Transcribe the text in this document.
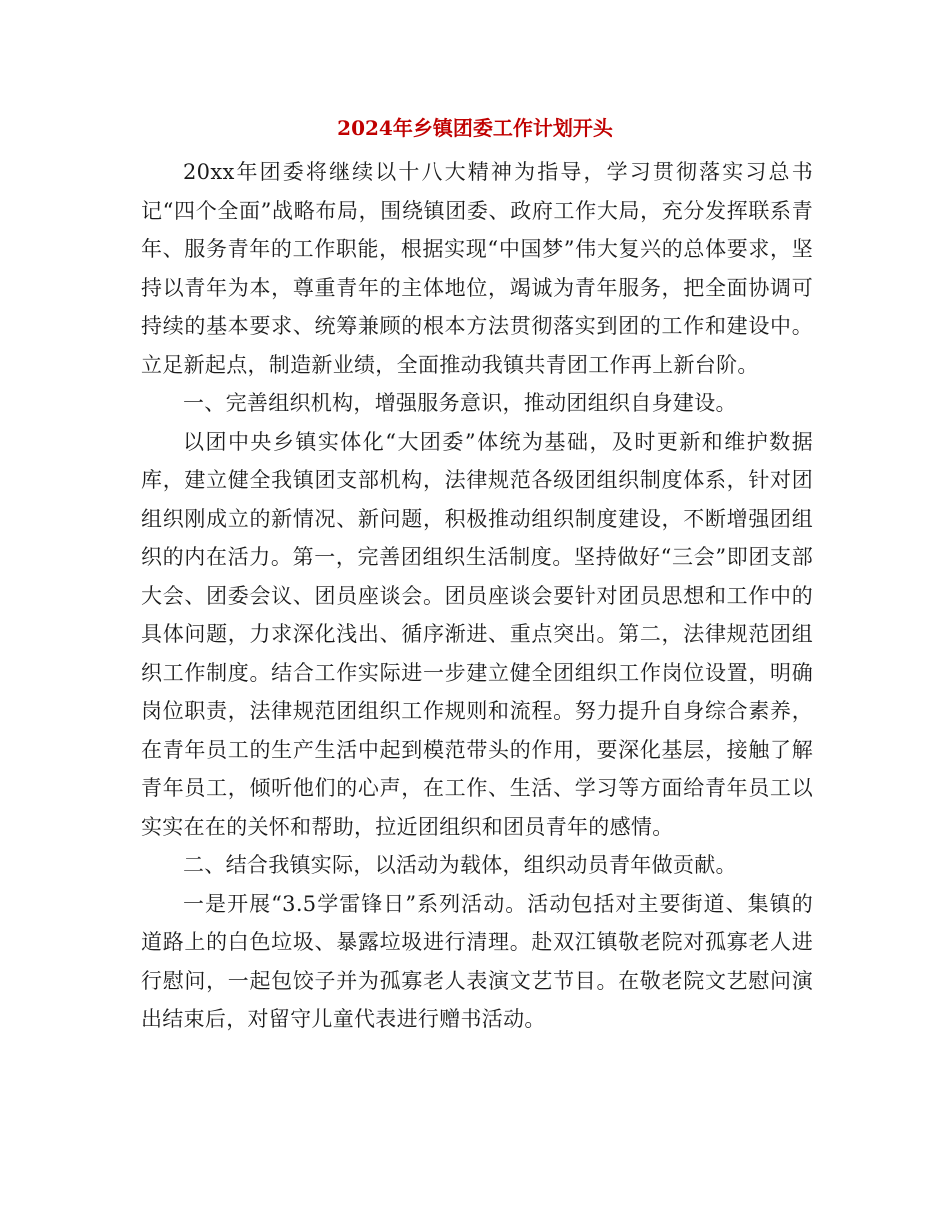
2024年乡镇团委工作计划开头

20xx年团委将继续以十八大精神为指导，学习贯彻落实习总书记“四个全面”战略布局，围绕镇团委、政府工作大局，充分发挥联系青年、服务青年的工作职能，根据实现“中国梦”伟大复兴的总体要求，坚持以青年为本，尊重青年的主体地位，竭诚为青年服务，把全面协调可持续的基本要求、统筹兼顾的根本方法贯彻落实到团的工作和建设中。立足新起点，制造新业绩，全面推动我镇共青团工作再上新台阶。

一、完善组织机构，增强服务意识，推动团组织自身建设。

以团中央乡镇实体化“大团委”体统为基础，及时更新和维护数据库，建立健全我镇团支部机构，法律规范各级团组织制度体系，针对团组织刚成立的新情况、新问题，积极推动组织制度建设，不断增强团组织的内在活力。第一，完善团组织生活制度。坚持做好“三会”即团支部大会、团委会议、团员座谈会。团员座谈会要针对团员思想和工作中的具体问题，力求深化浅出、循序渐进、重点突出。第二，法律规范团组织工作制度。结合工作实际进一步建立健全团组织工作岗位设置，明确岗位职责，法律规范团组织工作规则和流程。努力提升自身综合素养，在青年员工的生产生活中起到模范带头的作用，要深化基层，接触了解青年员工，倾听他们的心声，在工作、生活、学习等方面给青年员工以实实在在的关怀和帮助，拉近团组织和团员青年的感情。

二、结合我镇实际，以活动为载体，组织动员青年做贡献。

一是开展“3.5学雷锋日”系列活动。活动包括对主要街道、集镇的道路上的白色垃圾、暴露垃圾进行清理。赴双江镇敬老院对孤寡老人进行慰问，一起包饺子并为孤寡老人表演文艺节目。在敬老院文艺慰问演出结束后，对留守儿童代表进行赠书活动。
